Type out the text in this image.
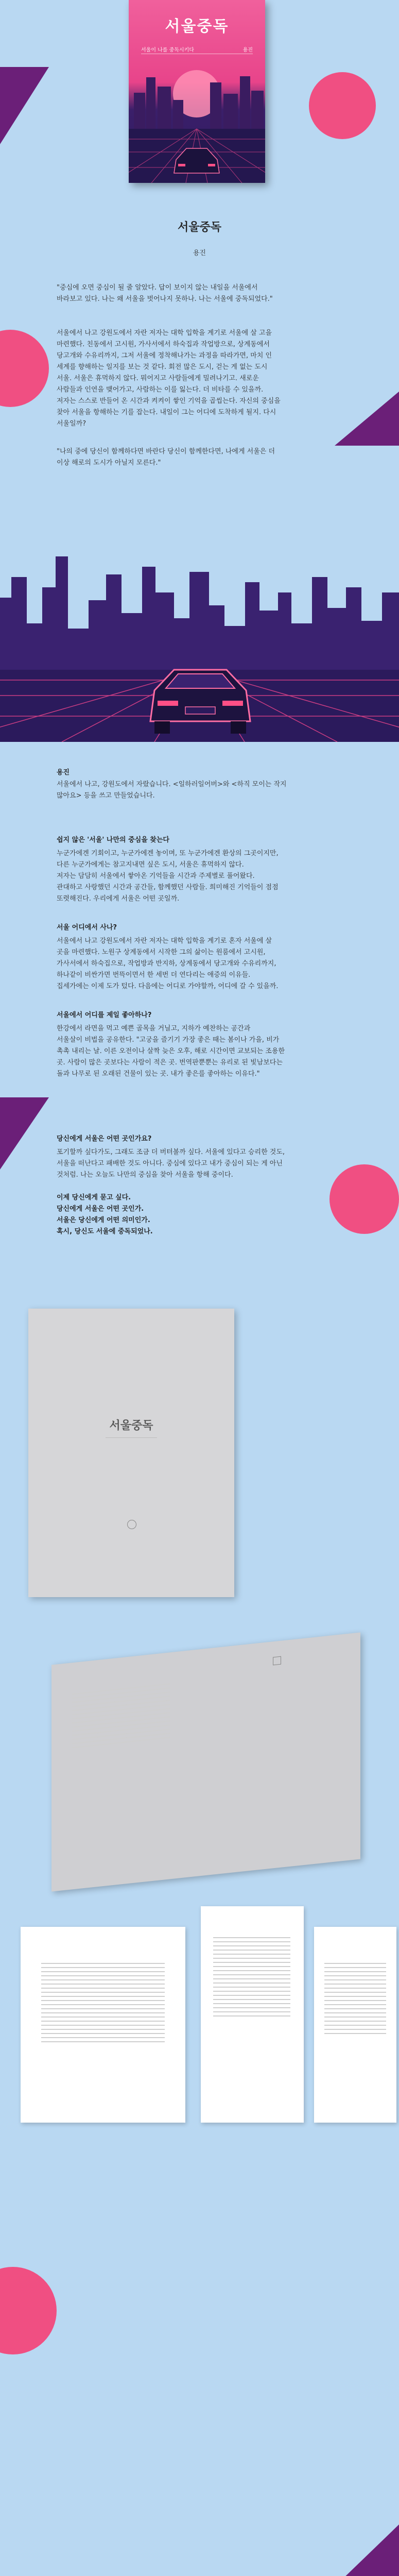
서울중독
서울이 나를 중독시키다	용진
서울중독
용진

"중심에 오면 중심이 될 줄 알았다. 답이 보이지 않는 내일을 서울에서
바라보고 있다. 나는 왜 서울을 벗어나지 못하나. 나는 서울에 중독되었다."

서울에서 나고 강원도에서 자란 저자는 대학 입학을 계기로 서울에 살 고을
마련했다. 친동에서 고시원, 가사서에서 하숙집과 작업방으로, 상계동에서
당고개와 수유리까지, 그저 서울에 정착해나가는 과정을 따라가면, 마치 인
세계를 향해하는 일지를 보는 것 같다. 회전 많은 도시, 걷는 게 없는 도시
서울. 서울은 휴먹하지 않다. 뭐어지고 사람들에게 밀려나기고. 새로운
사람들과 인연을 맺어가고, 사람하는 이를 잃는다. 더 비타를 수 있을까.
저자는 스스로 반들어 온 시간과 켜켜이 쌓인 기억을 곱씹는다. 자신의 중심을
찾아 서울을 항해하는 기를 잡는다. 내일이 그는 어디에 도착하게 될지. 다시
서울일까?

"나의 중에 당신이 함께하다면 바란다 당신이 함께한다면, 나에게 서울은 더
이상 해로의 도시가 아닐지 모른다."

용진

서울에서 나고, 강원도에서 자랐습니다. <일하러일어버>와 <하직 모이는 작지
많아요> 등을 쓰고 만들었습니다.

쉽지 않은 '서울' 나만의 중심을 찾는다

누군가에겐 기회이고, 누군가에겐 놓이며, 또 누군가에겐 환상의 그곳이지만,
다른 누군가에게는 참고지내면 싶은 도시, 서울은 휴먹하지 않다.
저자는 담담히 서울에서 쌓아온 기억들을 시간과 주제별로 풀어왔다.
관대하고 사랑했던 시간과 공간들, 함께했던 사람들. 희미해진 기억들이 점점
또렷해진다. 우리에게 서울은 어떤 곳일까.

서울 어디에서 사나?

서울에서 나고 강원도에서 자란 저자는 대학 입학을 계기로 혼자 서울에 살
곳을 마련했다. 노원구 상계동에서 시작한 그의 삶이는 원룸에서 고시원,
가사서에서 하숙집으로, 작업방과 반지하, 상계동에서 당고개와 수유리까지,
하나같이 비싼가면 번뜩이면서 한 세번 더 연다리는 애증의 이유들.
집세가에는 이제 도가 텄다. 다음에는 어디로 가야할까, 어디에 갈 수 있을까.

서울에서 어디를 제일 좋아하나?

한강에서 라면을 먹고 예쁜 골목을 거닐고, 지하가 예찬하는 공간과
서울살이 비법을 공유한다. "고궁을 즐기기 가장 좋은 때는 봄이나 가을, 비가
촉촉 내리는 날. 이른 오전이나 살짝 늦은 오후, 해로 시간이면 교보되는 조용한
곳. 사람이 많은 곳보다는 사람이 적은 곳. 번역판뿐뿐는 유리로 된 빛남보다는
돌과 나무로 된 오래된 건물이 있는 곳. 내가 좋은를 좋아하는 이유다."

당신에게 서울은 어떤 곳인가요?

포기할까 싶다가도, 그래도 조금 더 버텨볼까 싶다. 서울에 있다고 승리한 것도,
서울을 떠난다고 패배한 것도 아니다. 중심에 있다고 내가 중심이 되는 게 아닌
것처럼. 나는 오늘도 나만의 중심을 찾아 서울을 항해 중이다.

이제 당신에게 묻고 싶다.

당신에게 서울은 어떤 곳인가.

서울은 당신에게 어떤 의미인가.

혹시, 당신도 서울에 중독되었나.

서울중독
